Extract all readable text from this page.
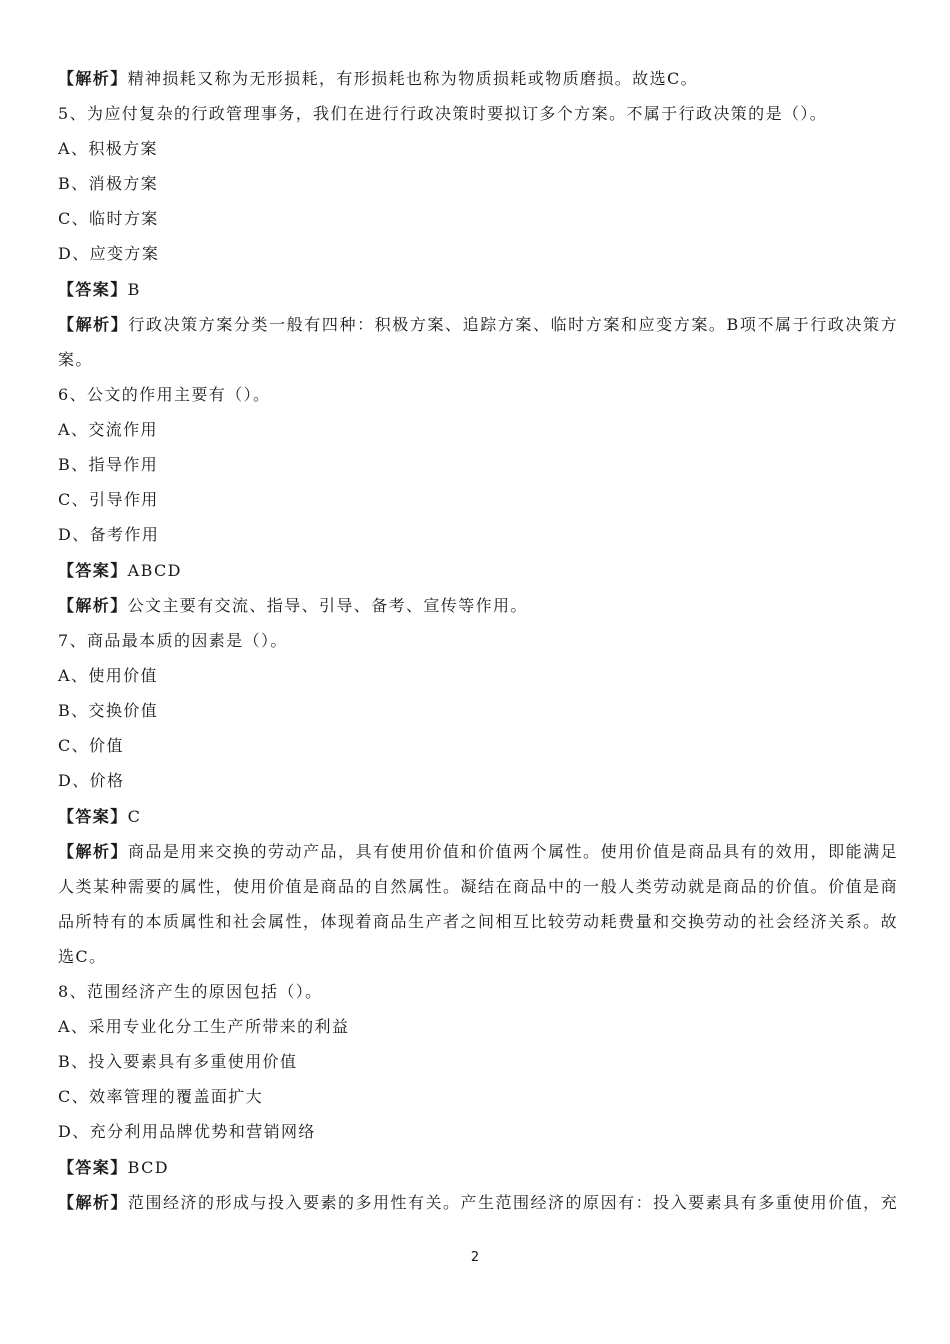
【解析】精神损耗又称为无形损耗，有形损耗也称为物质损耗或物质磨损。故选C。
5、为应付复杂的行政管理事务，我们在进行行政决策时要拟订多个方案。不属于行政决策的是（）。
A、积极方案
B、消极方案
C、临时方案
D、应变方案
【答案】B
【解析】行政决策方案分类一般有四种：积极方案、追踪方案、临时方案和应变方案。B项不属于行政决策方
案。
6、公文的作用主要有（）。
A、交流作用
B、指导作用
C、引导作用
D、备考作用
【答案】ABCD
【解析】公文主要有交流、指导、引导、备考、宣传等作用。
7、商品最本质的因素是（）。
A、使用价值
B、交换价值
C、价值
D、价格
【答案】C
【解析】商品是用来交换的劳动产品，具有使用价值和价值两个属性。使用价值是商品具有的效用，即能满足
人类某种需要的属性，使用价值是商品的自然属性。凝结在商品中的一般人类劳动就是商品的价值。价值是商
品所特有的本质属性和社会属性，体现着商品生产者之间相互比较劳动耗费量和交换劳动的社会经济关系。故
选C。
8、范围经济产生的原因包括（）。
A、采用专业化分工生产所带来的利益
B、投入要素具有多重使用价值
C、效率管理的覆盖面扩大
D、充分利用品牌优势和营销网络
【答案】BCD
【解析】范围经济的形成与投入要素的多用性有关。产生范围经济的原因有：投入要素具有多重使用价值，充
2
